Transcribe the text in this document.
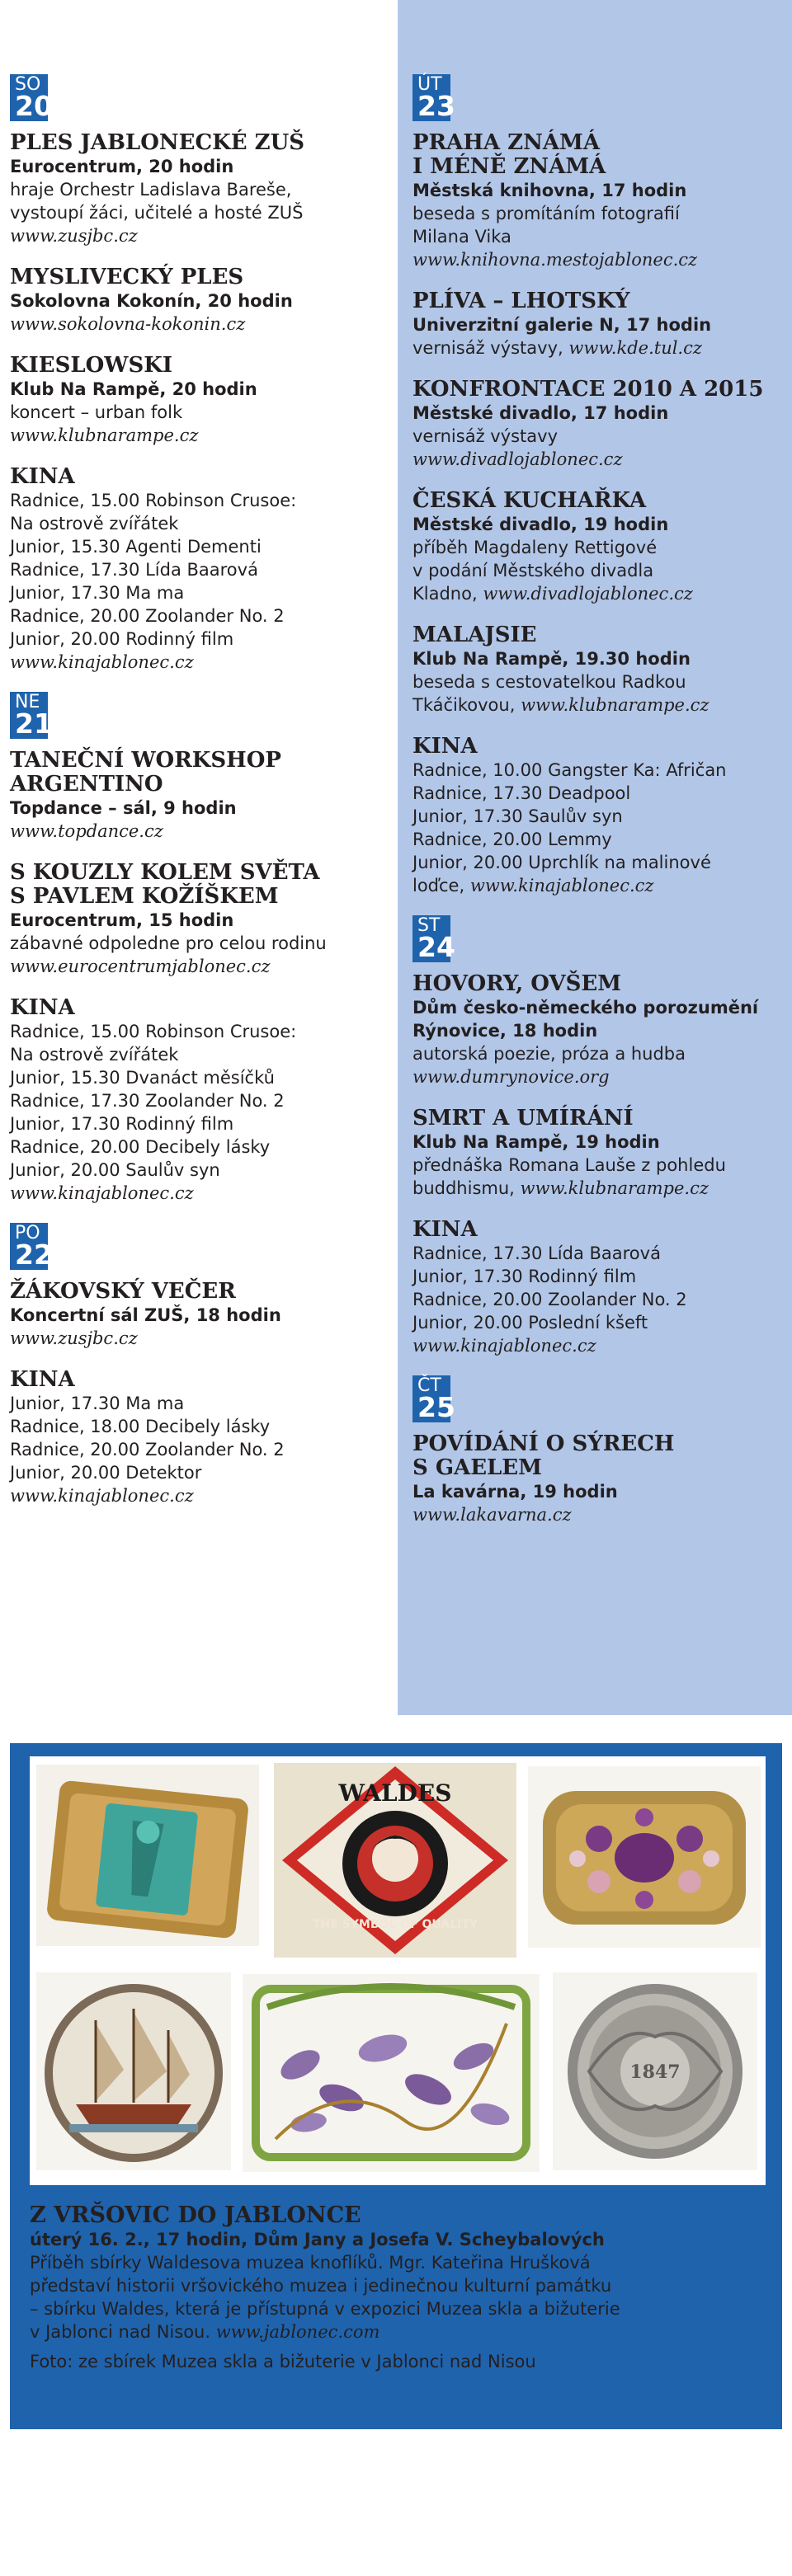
SO
20
PLES JABLONECKÉ ZUŠ
Eurocentrum, 20 hodin
hraje Orchestr Ladislava Bareše,
vystoupí žáci, učitelé a hosté ZUŠ
www.zusjbc.cz
MYSLIVECKÝ PLES
Sokolovna Kokonín, 20 hodin
www.sokolovna-kokonin.cz
KIESLOWSKI
Klub Na Rampě, 20 hodin
koncert – urban folk
www.klubnarampe.cz
KINA
Radnice, 15.00 Robinson Crusoe:
Na ostrově zvířátek
Junior, 15.30 Agenti Dementi
Radnice, 17.30 Lída Baarová
Junior, 17.30 Ma ma
Radnice, 20.00 Zoolander No. 2
Junior, 20.00 Rodinný film
www.kinajablonec.cz
NE
21
TANEČNÍ WORKSHOP
ARGENTINO
Topdance – sál, 9 hodin
www.topdance.cz
S KOUZLY KOLEM SVĚTA
S PAVLEM KOŽÍŠKEM
Eurocentrum, 15 hodin
zábavné odpoledne pro celou rodinu
www.eurocentrumjablonec.cz
KINA
Radnice, 15.00 Robinson Crusoe:
Na ostrově zvířátek
Junior, 15.30 Dvanáct měsíčků
Radnice, 17.30 Zoolander No. 2
Junior, 17.30 Rodinný film
Radnice, 20.00 Decibely lásky
Junior, 20.00 Saulův syn
www.kinajablonec.cz
PO
22
ŽÁKOVSKÝ VEČER
Koncertní sál ZUŠ, 18 hodin
www.zusjbc.cz
KINA
Junior, 17.30 Ma ma
Radnice, 18.00 Decibely lásky
Radnice, 20.00 Zoolander No. 2
Junior, 20.00 Detektor
www.kinajablonec.cz
ÚT
23
PRAHA ZNÁMÁ
I MÉNĚ ZNÁMÁ
Městská knihovna, 17 hodin
beseda s promítáním fotografií
Milana Vika
www.knihovna.mestojablonec.cz
PLÍVA – LHOTSKÝ
Univerzitní galerie N, 17 hodin
vernisáž výstavy, www.kde.tul.cz
KONFRONTACE 2010 A 2015
Městské divadlo, 17 hodin
vernisáž výstavy
www.divadlojablonec.cz
ČESKÁ KUCHAŘKA
Městské divadlo, 19 hodin
příběh Magdaleny Rettigové
v podání Městského divadla
Kladno, www.divadlojablonec.cz
MALAJSIE
Klub Na Rampě, 19.30 hodin
beseda s cestovatelkou Radkou
Tkáčikovou, www.klubnarampe.cz
KINA
Radnice, 10.00 Gangster Ka: Afričan
Radnice, 17.30 Deadpool
Junior, 17.30 Saulův syn
Radnice, 20.00 Lemmy
Junior, 20.00 Uprchlík na malinové
loďce, www.kinajablonec.cz
ST
24
HOVORY, OVŠEM
Dům česko-německého porozumění Rýnovice, 18 hodin
autorská poezie, próza a hudba
www.dumrynovice.org
SMRT A UMÍRÁNÍ
Klub Na Rampě, 19 hodin
přednáška Romana Lauše z pohledu
buddhismu, www.klubnarampe.cz
KINA
Radnice, 17.30 Lída Baarová
Junior, 17.30 Rodinný film
Radnice, 20.00 Zoolander No. 2
Junior, 20.00 Poslední kšeft
www.kinajablonec.cz
ČT
25
POVÍDÁNÍ O SÝRECH
S GAELEM
La kavárna, 19 hodin
www.lakavarna.cz
WALDES
THE SYMBOL OF QUALITY
1847
Z VRŠOVIC DO JABLONCE
úterý 16. 2., 17 hodin, Dům Jany a Josefa V. Scheybalových
Příběh sbírky Waldesova muzea knoflíků. Mgr. Kateřina Hrušková
představí historii vršovického muzea i jedinečnou kulturní památku
– sbírku Waldes, která je přístupná v expozici Muzea skla a bižuterie
v Jablonci nad Nisou. www.jablonec.com
Foto: ze sbírek Muzea skla a bižuterie v Jablonci nad Nisou
